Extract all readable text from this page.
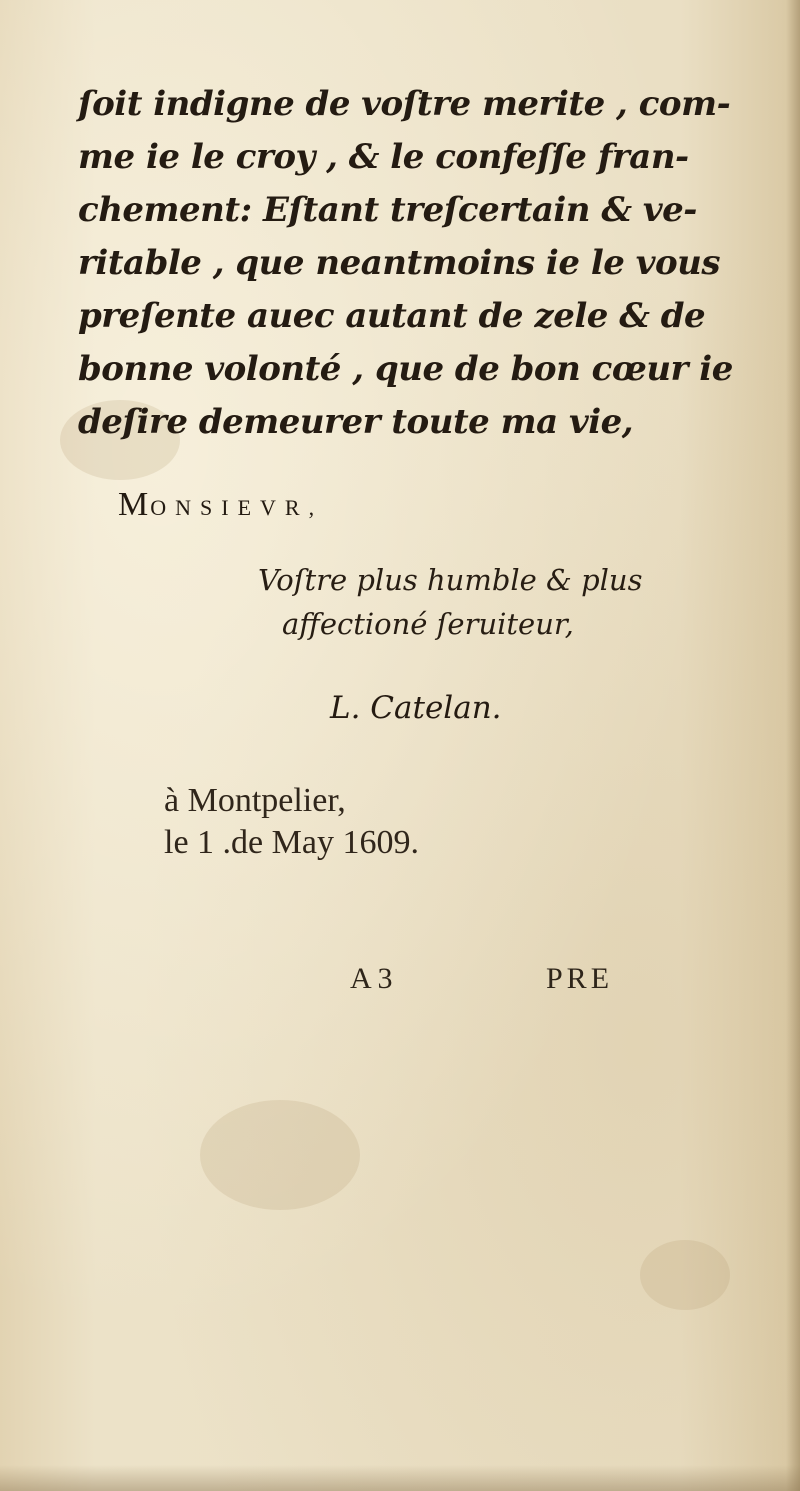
ſoit indigne de voſtre merite , com-
me ie le croy , & le confeſſe fran-
chement: Eſtant treſcertain & ve-
ritable , que neantmoins ie le vous
preſente auec autant de zele & de
bonne volonté , que de bon cœur ie
deſire demeurer toute ma vie,
MONSIEVR,
Voſtre plus humble & plus
affectioné ſeruiteur,
L. Catelan.
à Montpelier,
le 1 .de May 1609.
A 3	PRE
